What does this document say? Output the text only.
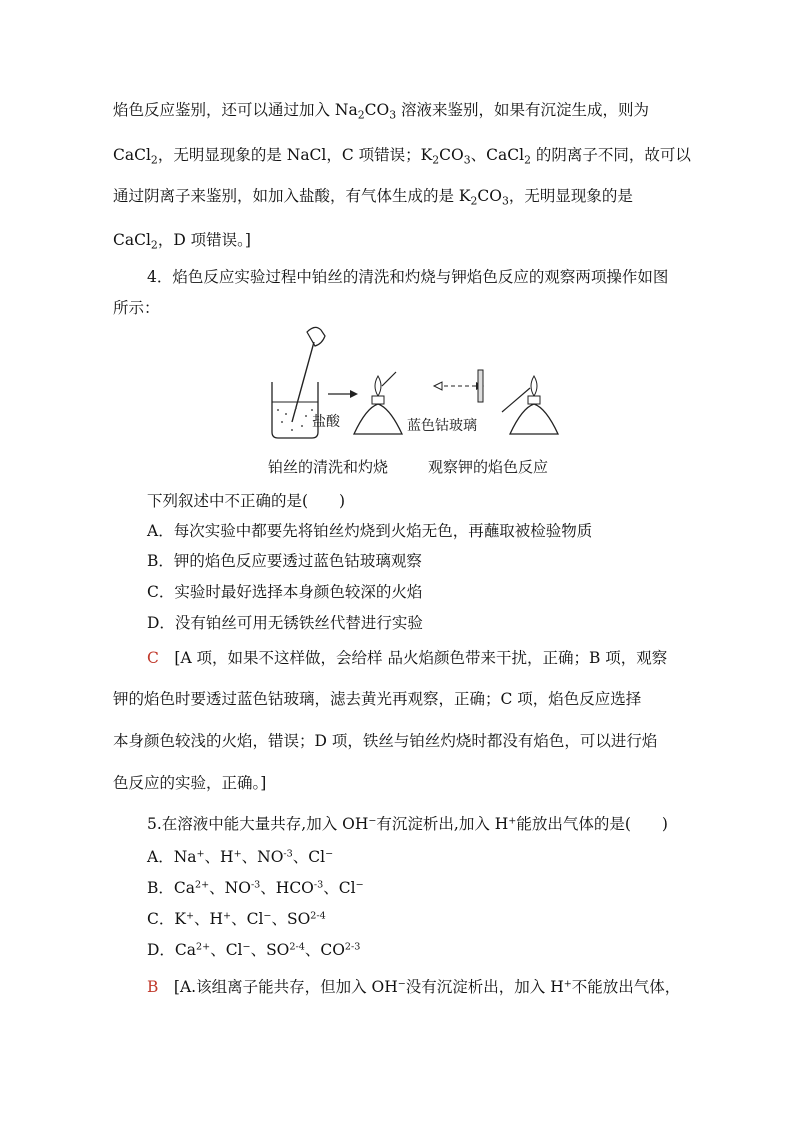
焰色反应鉴别，还可以通过加入 $Na_2CO_3$ 溶液来鉴别，如果有沉淀生成，则为
CaCl$_2$，无明显现象的是 NaCl，C 项错误；$K_2CO_3$、CaCl$_2$ 的阴离子不同，故可以
通过阴离子来鉴别，如加入盐酸，有气体生成的是 $K_2CO_3$，无明显现象的是
CaCl$_2$，D 项错误。]
4．焰色反应实验过程中铂丝的清洗和灼烧与钾焰色反应的观察两项操作如图
所示：
盐酸	蓝色钴玻璃
铂丝的清洗和灼烧	观察钾的焰色反应
下列叙述中不正确的是(　　)
A．每次实验中都要先将铂丝灼烧到火焰无色，再蘸取被检验物质
B．钾的焰色反应要透过蓝色钴玻璃观察
C．实验时最好选择本身颜色较深的火焰
D．没有铂丝可用无锈铁丝代替进行实验
C　 [A 项，如果不这样做，会给样 品火焰颜色带来干扰，正确；B 项，观察
钾的焰色时要透过蓝色钴玻璃，滤去黄光再观察，正确；C 项，焰色反应选择
本身颜色较浅的火焰，错误；D 项，铁丝与铂丝灼烧时都没有焰色，可以进行焰
色反应的实验，正确。]
5.在溶液中能大量共存,加入 OH−有沉淀析出,加入 H+能放出气体的是(　　)
A．Na+、H+、$NO^{-3}$、Cl−
B．$Ca^{2+}$、$NO^{-3}$、$HCO^{-3}$、Cl−
C．K+、H+、Cl−、SO$^{2-4}$
D．$Ca^{2+}$、Cl−、SO$^{2-4}$、CO$^{2-3}$
B　 [A.该组离子能共存，但加入 OH−没有沉淀析出，加入 H+不能放出气体，
